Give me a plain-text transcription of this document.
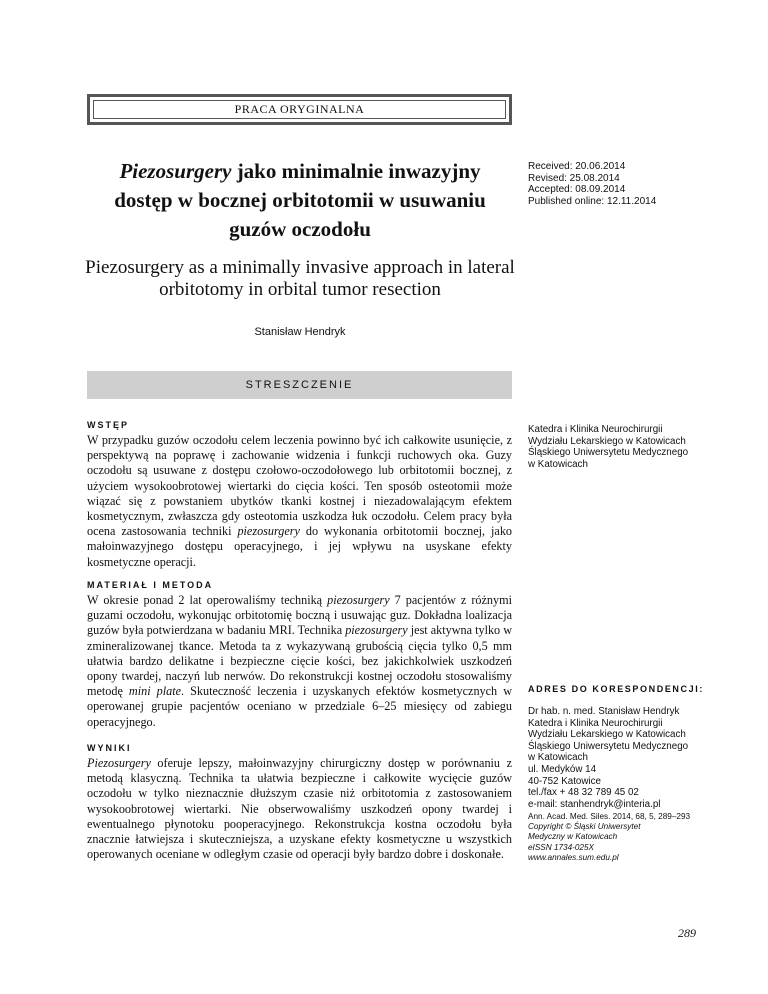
PRACA ORYGINALNA
Piezosurgery jako minimalnie inwazyjny dostęp w bocznej orbitotomii w usuwaniu guzów oczodołu
Received: 20.06.2014
Revised: 25.08.2014
Accepted: 08.09.2014
Published online: 12.11.2014
Piezosurgery as a minimally invasive approach in lateral orbitotomy in orbital tumor resection
Stanisław Hendryk
STRESZCZENIE
WSTĘP
W przypadku guzów oczodołu celem leczenia powinno być ich całkowite usunięcie, z perspektywą na poprawę i zachowanie widzenia i funkcji ruchowych oka. Guzy oczodołu są usuwane z dostępu czołowo-oczodołowego lub orbitotomii bocznej, z użyciem wysokoobrotowej wiertarki do cięcia kości. Ten sposób osteotomii może wiązać się z powstaniem ubytków tkanki kostnej i niezadowalającym efektem kosmetycznym, zwłaszcza gdy osteotomia uszkodza łuk oczodołu. Celem pracy była ocena zastosowania techniki piezosurgery do wykonania orbitotomii bocznej, jako małoinwazyjnego dostępu operacyjnego, i jej wpływu na usyskane efekty kosmetyczne operacji.
MATERIAŁ I METODA
W okresie ponad 2 lat operowaliśmy techniką piezosurgery 7 pacjentów z różnymi guzami oczodołu, wykonując orbitotomię boczną i usuwając guz. Dokładna loalizacja guzów była potwierdzana w badaniu MRI. Technika piezosurgery jest aktywna tylko w zmineralizowanej tkance. Metoda ta z wykazywaną grubością cięcia tylko 0,5 mm ułatwia bardzo delikatne i bezpieczne cięcie kości, bez jakichkolwiek uszkodzeń opony twardej, naczyń lub nerwów. Do rekonstrukcji kostnej oczodołu stosowaliśmy metodę mini plate. Skuteczność leczenia i uzyskanych efektów kosmetycznych w operowanej grupie pacjentów oceniano w przedziale 6–25 miesięcy od zabiegu operacyjnego.
WYNIKI
Piezosurgery oferuje lepszy, małoinwazyjny chirurgiczny dostęp w porównaniu z metodą klasyczną. Technika ta ułatwia bezpieczne i całkowite wycięcie guzów oczodołu w tylko nieznacznie dłuższym czasie niż orbitotomia z zastosowaniem wysokoobrotowej wiertarki. Nie obserwowaliśmy uszkodzeń opony twardej i ewentualnego płynotoku pooperacyjnego. Rekonstrukcja kostna oczodołu była znacznie łatwiejsza i skuteczniejsza, a uzyskane efekty kosmetyczne u wszystkich operowanych oceniane w odległym czasie od operacji były bardzo dobre i doskonałe.
Katedra i Klinika Neurochirurgii
Wydziału Lekarskiego w Katowicach
Śląskiego Uniwersytetu Medycznego
w Katowicach
ADRES DO KORESPONDENCJI:
Dr hab. n. med. Stanisław Hendryk
Katedra i Klinika Neurochirurgii
Wydziału Lekarskiego w Katowicach
Śląskiego Uniwersytetu Medycznego
w Katowicach
ul. Medyków 14
40-752 Katowice
tel./fax + 48 32 789 45 02
e-mail: stanhendryk@interia.pl
Ann. Acad. Med. Siles. 2014, 68, 5, 289–293
Copyright © Śląski Uniwersytet Medyczny w Katowicach
eISSN 1734-025X
www.annales.sum.edu.pl
289
